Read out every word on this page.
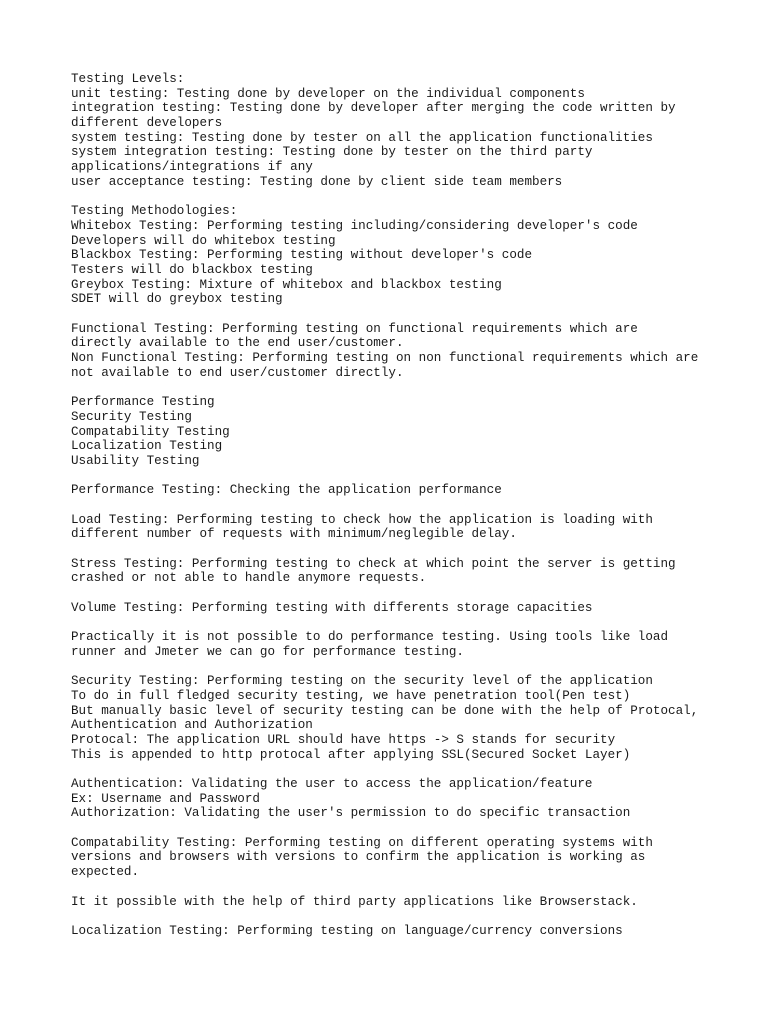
Testing Levels:
unit testing: Testing done by developer on the individual components
integration testing: Testing done by developer after merging the code written by
different developers
system testing: Testing done by tester on all the application functionalities
system integration testing: Testing done by tester on the third party
applications/integrations if any
user acceptance testing: Testing done by client side team members
Testing Methodologies:
Whitebox Testing: Performing testing including/considering developer's code
Developers will do whitebox testing
Blackbox Testing: Performing testing without developer's code
Testers will do blackbox testing
Greybox Testing: Mixture of whitebox and blackbox testing
SDET will do greybox testing
Functional Testing: Performing testing on functional requirements which are
directly available to the end user/customer.
Non Functional Testing: Performing testing on non functional requirements which are
not available to end user/customer directly.
Performance Testing
Security Testing
Compatability Testing
Localization Testing
Usability Testing
Performance Testing: Checking the application performance
Load Testing: Performing testing to check how the application is loading with
different number of requests with minimum/neglegible delay.
Stress Testing: Performing testing to check at which point the server is getting
crashed or not able to handle anymore requests.
Volume Testing: Performing testing with differents storage capacities
Practically it is not possible to do performance testing. Using tools like load
runner and Jmeter we can go for performance testing.
Security Testing: Performing testing on the security level of the application
To do in full fledged security testing, we have penetration tool(Pen test)
But manually basic level of security testing can be done with the help of Protocal,
Authentication and Authorization
Protocal: The application URL should have https -> S stands for security
This is appended to http protocal after applying SSL(Secured Socket Layer)
Authentication: Validating the user to access the application/feature
Ex: Username and Password
Authorization: Validating the user's permission to do specific transaction
Compatability Testing: Performing testing on different operating systems with
versions and browsers with versions to confirm the application is working as
expected.
It it possible with the help of third party applications like Browserstack.
Localization Testing: Performing testing on language/currency conversions
